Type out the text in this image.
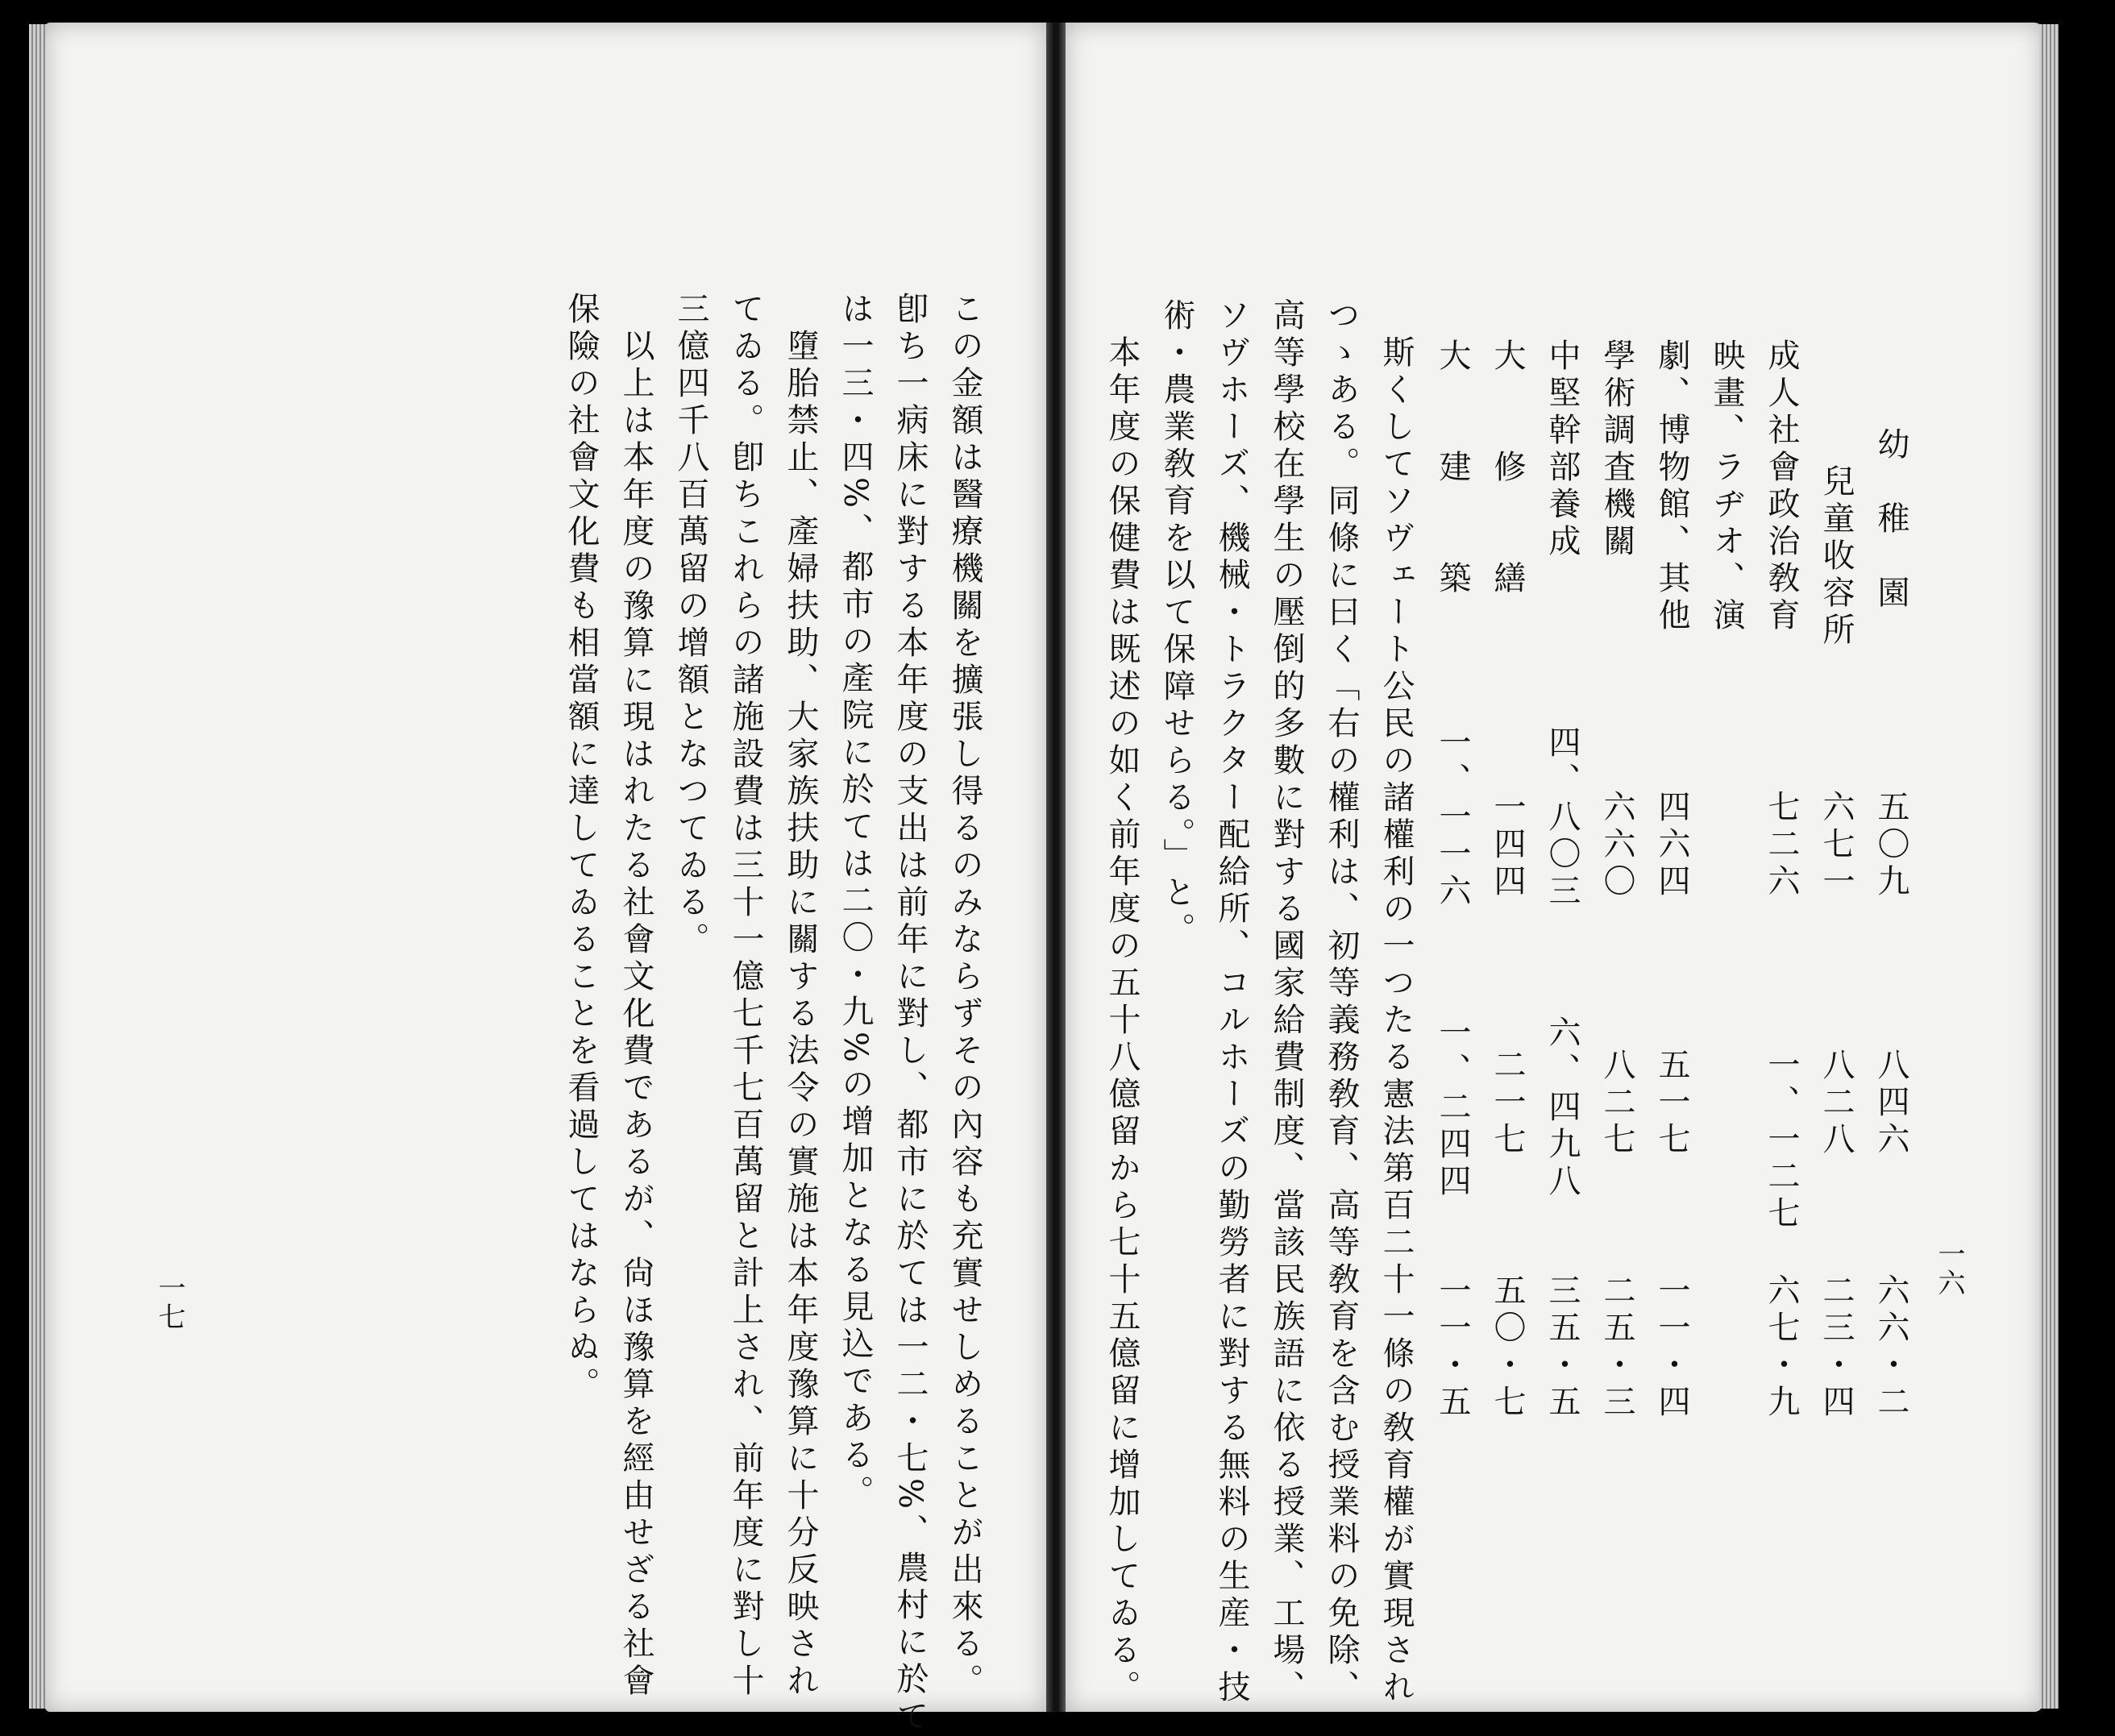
幼　稚　園
五〇九
八四六
六六・二
　兒童收容所
六七一
八二八
二三・四
成人社會政治敎育
七二六
一、一二七
六七・九
映畫、ラヂオ、演
劇、博物館、其他
四六四
五一七
一一・四
學術調査機關
六六〇
八二七
二五・三
中堅幹部養成
四、八〇三
六、四九八
三五・五
大　　修　　繕
一四四
二一七
五〇・七
大　　建　　築
一、一一六
一、二四四
一一・五
　斯くしてソヴェート公民の諸權利の一つたる憲法第百二十一條の敎育權が實現され
つゝある。同條に曰く「右の權利は、初等義務敎育、高等敎育を含む授業料の免除、
高等學校在學生の壓倒的多數に對する國家給費制度、當該民族語に依る授業、工場、
ソヴホーズ、機械・トラクター配給所、コルホーズの勤勞者に對する無料の生産・技
術・農業敎育を以て保障せらる。」と。
　本年度の保健費は既述の如く前年度の五十八億留から七十五億留に增加してゐる。	一六
この金額は醫療機關を擴張し得るのみならずその內容も充實せしめることが出來る。
卽ち一病床に對する本年度の支出は前年に對し、都市に於ては一二・七%、農村に於て
は一三・四%、都市の產院に於ては二〇・九%の增加となる見込である。
　墮胎禁止、產婦扶助、大家族扶助に關する法令の實施は本年度豫算に十分反映され
てゐる。卽ちこれらの諸施設費は三十一億七千七百萬留と計上され、前年度に對し十
三億四千八百萬留の增額となつてゐる。
　以上は本年度の豫算に現はれたる社會文化費であるが、尙ほ豫算を經由せざる社會
保險の社會文化費も相當額に達してゐることを看過してはならぬ。
一七
